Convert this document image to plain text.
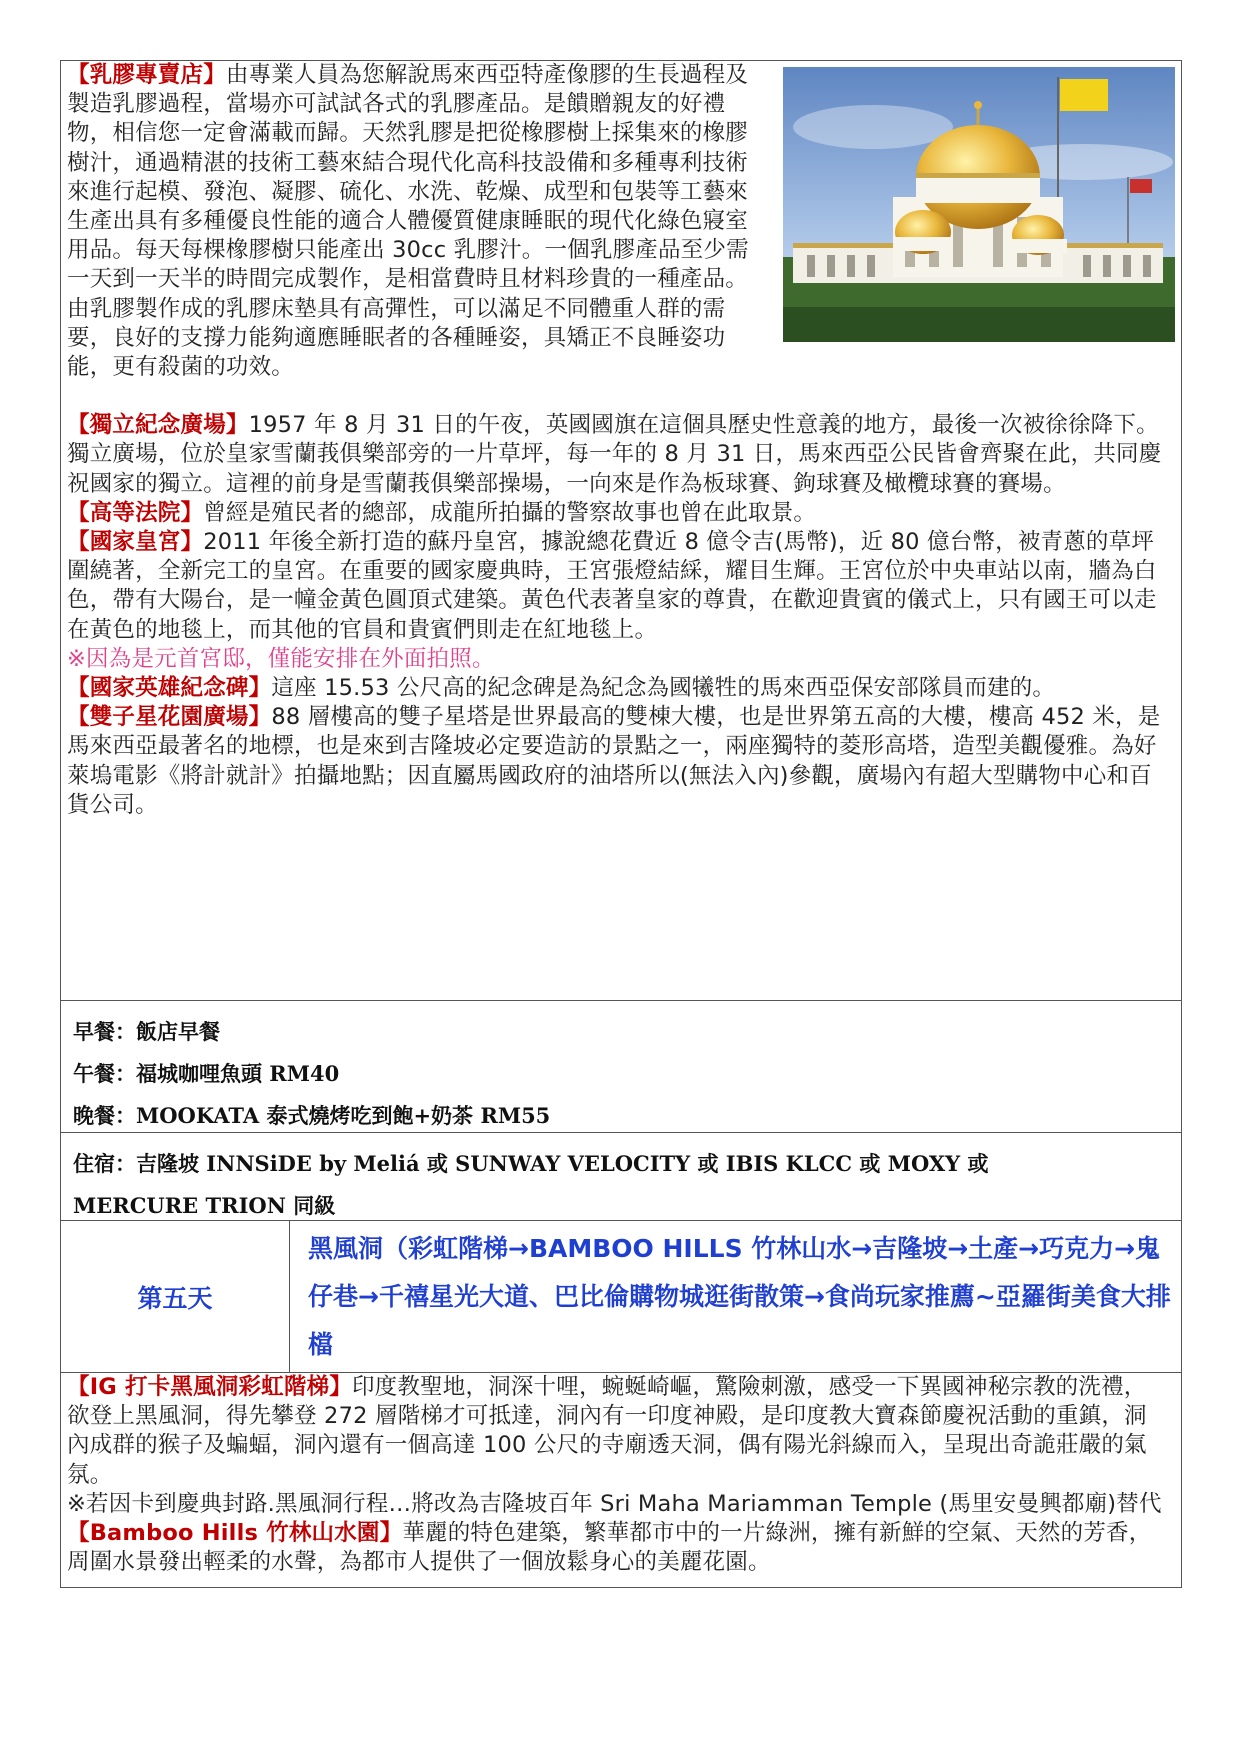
【乳膠專賣店】由專業人員為您解說馬來西亞特產像膠的生長過程及製造乳膠過程，當場亦可試試各式的乳膠產品。是饋贈親友的好禮物，相信您一定會滿載而歸。天然乳膠是把從橡膠樹上採集來的橡膠樹汁，通過精湛的技術工藝來結合現代化高科技設備和多種專利技術來進行起模、發泡、凝膠、硫化、水洗、乾燥、成型和包裝等工藝來生產出具有多種優良性能的適合人體優質健康睡眠的現代化綠色寢室用品。每天每棵橡膠樹只能產出 30cc 乳膠汁。一個乳膠產品至少需一天到一天半的時間完成製作，是相當費時且材料珍貴的一種產品。由乳膠製作成的乳膠床墊具有高彈性，可以滿足不同體重人群的需要，良好的支撐力能夠適應睡眠者的各種睡姿，具矯正不良睡姿功能，更有殺菌的功效。

【獨立紀念廣場】1957 年 8 月 31 日的午夜，英國國旗在這個具歷史性意義的地方，最後一次被徐徐降下。獨立廣場，位於皇家雪蘭莪俱樂部旁的一片草坪，每一年的 8 月 31 日，馬來西亞公民皆會齊聚在此，共同慶祝國家的獨立。這裡的前身是雪蘭莪俱樂部操場，一向來是作為板球賽、鉤球賽及橄欖球賽的賽場。

【高等法院】曾經是殖民者的總部，成龍所拍攝的警察故事也曾在此取景。

【國家皇宮】2011 年後全新打造的蘇丹皇宮，據說總花費近 8 億令吉(馬幣)，近 80 億台幣，被青蔥的草坪圍繞著，全新完工的皇宮。在重要的國家慶典時，王宮張燈結綵，耀目生輝。王宮位於中央車站以南，牆為白色，帶有大陽台，是一幢金黃色圓頂式建築。黃色代表著皇家的尊貴，在歡迎貴賓的儀式上，只有國王可以走在黃色的地毯上，而其他的官員和貴賓們則走在紅地毯上。

※因為是元首宮邸，僅能安排在外面拍照。

【國家英雄紀念碑】這座 15.53 公尺高的紀念碑是為紀念為國犧牲的馬來西亞保安部隊員而建的。

【雙子星花園廣場】88 層樓高的雙子星塔是世界最高的雙棟大樓，也是世界第五高的大樓，樓高 452 米，是馬來西亞最著名的地標，也是來到吉隆坡必定要造訪的景點之一，兩座獨特的菱形高塔，造型美觀優雅。為好萊塢電影《將計就計》拍攝地點；因直屬馬國政府的油塔所以(無法入內)參觀，廣場內有超大型購物中心和百貨公司。

早餐：飯店早餐

午餐：福城咖哩魚頭 RM40

晚餐：MOOKATA 泰式燒烤吃到飽+奶茶 RM55

住宿：吉隆坡 INNSiDE by Meliá 或 SUNWAY VELOCITY 或 IBIS KLCC 或 MOXY 或

MERCURE TRION 同級

第五天
黑風洞（彩虹階梯→BAMBOO HILLS 竹林山水→吉隆坡→土產→巧克力→鬼仔巷→千禧星光大道、巴比倫購物城逛街散策→食尚玩家推薦~亞羅街美食大排檔

【IG 打卡黑風洞彩虹階梯】印度教聖地，洞深十哩，蜿蜒崎嶇，驚險刺激，感受一下異國神秘宗教的洗禮，欲登上黑風洞，得先攀登 272 層階梯才可抵達，洞內有一印度神殿，是印度教大寶森節慶祝活動的重鎮，洞內成群的猴子及蝙蝠，洞內還有一個高達 100 公尺的寺廟透天洞，偶有陽光斜線而入，呈現出奇詭莊嚴的氣氛。

※若因卡到慶典封路.黑風洞行程…將改為吉隆坡百年 Sri Maha Mariamman Temple (馬里安曼興都廟)替代

【Bamboo Hills 竹林山水園】華麗的特色建築，繁華都市中的一片綠洲，擁有新鮮的空氣、天然的芳香，周圍水景發出輕柔的水聲，為都市人提供了一個放鬆身心的美麗花園。
